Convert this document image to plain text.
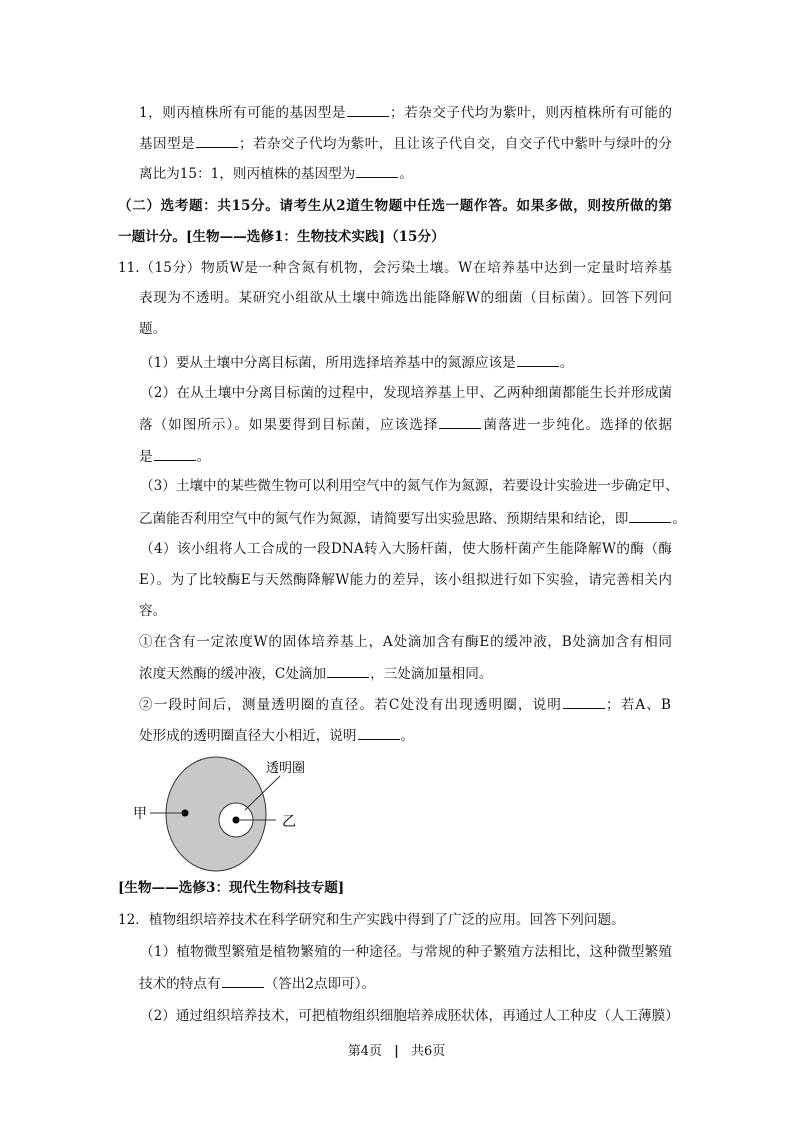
1，则丙植株所有可能的基因型是	；若杂交子代均为紫叶，则丙植株所有可能的
基因型是	；若杂交子代均为紫叶，且让该子代自交，自交子代中紫叶与绿叶的分
离比为15：1，则丙植株的基因型为	。
（二）选考题：共15分。请考生从2道生物题中任选一题作答。如果多做，则按所做的第
一题计分。[生物——选修1：生物技术实践]（15分）
11.（15分）物质W是一种含氮有机物，会污染土壤。W在培养基中达到一定量时培养基
表现为不透明。某研究小组欲从土壤中筛选出能降解W的细菌（目标菌）。回答下列问
题。
（1）要从土壤中分离目标菌，所用选择培养基中的氮源应该是	。
（2）在从土壤中分离目标菌的过程中，发现培养基上甲、乙两种细菌都能生长并形成菌
落（如图所示）。如果要得到目标菌，应该选择	菌落进一步纯化。选择的依据
是	。
（3）土壤中的某些微生物可以利用空气中的氮气作为氮源，若要设计实验进一步确定甲、
乙菌能否利用空气中的氮气作为氮源，请简要写出实验思路、预期结果和结论，即	。
（4）该小组将人工合成的一段DNA转入大肠杆菌，使大肠杆菌产生能降解W的酶（酶
E）。为了比较酶E与天然酶降解W能力的差异，该小组拟进行如下实验，请完善相关内
容。
①在含有一定浓度W的固体培养基上，A处滴加含有酶E的缓冲液，B处滴加含有相同
浓度天然酶的缓冲液，C处滴加	，三处滴加量相同。
②一段时间后，测量透明圈的直径。若C处没有出现透明圈，说明	；若A、B
处形成的透明圈直径大小相近，说明	。
[生物——选修3：现代生物科技专题]
12．植物组织培养技术在科学研究和生产实践中得到了广泛的应用。回答下列问题。
（1）植物微型繁殖是植物繁殖的一种途径。与常规的种子繁殖方法相比，这种微型繁殖
技术的特点有	（答出2点即可）。
（2）通过组织培养技术，可把植物组织细胞培养成胚状体，再通过人工种皮（人工薄膜）
甲	乙
透明圈
第4页 | 共6页
